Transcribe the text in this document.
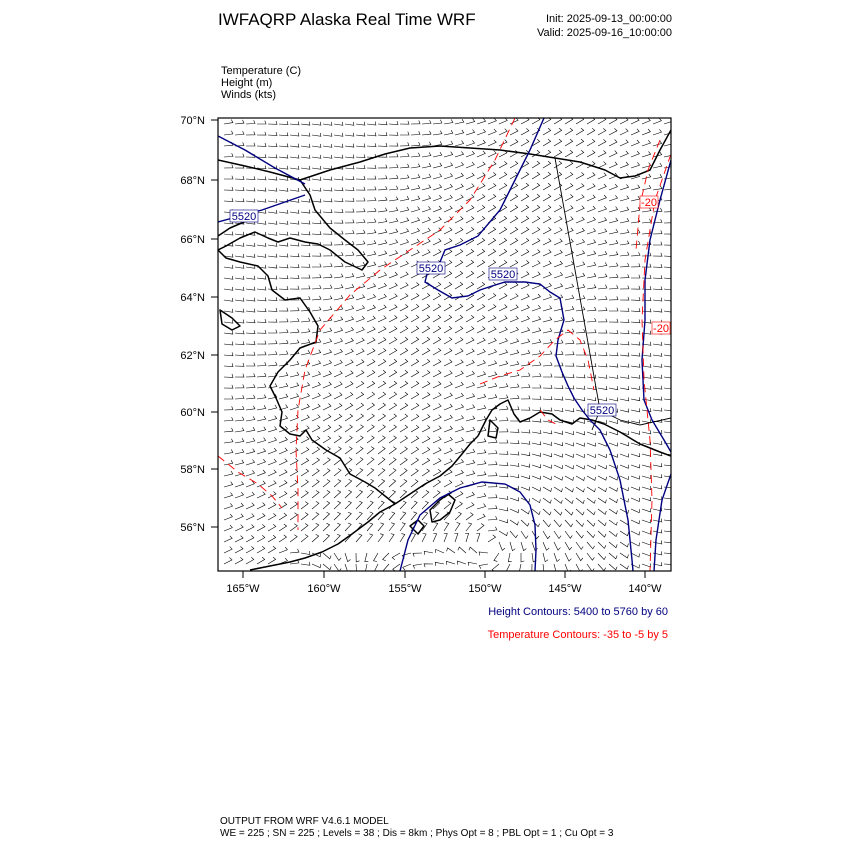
IWFAQRP Alaska Real Time WRF	Init: 2025-09-13_00:00:00
Valid: 2025-09-16_10:00:00
Temperature (C)
Height (m)
Winds (kts)
5520
5520	5520
5520
-20
-20
70°N
68°N
66°N
64°N
62°N
60°N
58°N
56°N
165°W	160°W	155°W	150°W	145°W	140°W
Height Contours: 5400 to 5760 by 60
Temperature Contours: -35 to -5 by 5
OUTPUT FROM WRF V4.6.1 MODEL
WE = 225 ; SN = 225 ; Levels = 38 ; Dis = 8km ; Phys Opt = 8 ; PBL Opt = 1 ; Cu Opt = 3
